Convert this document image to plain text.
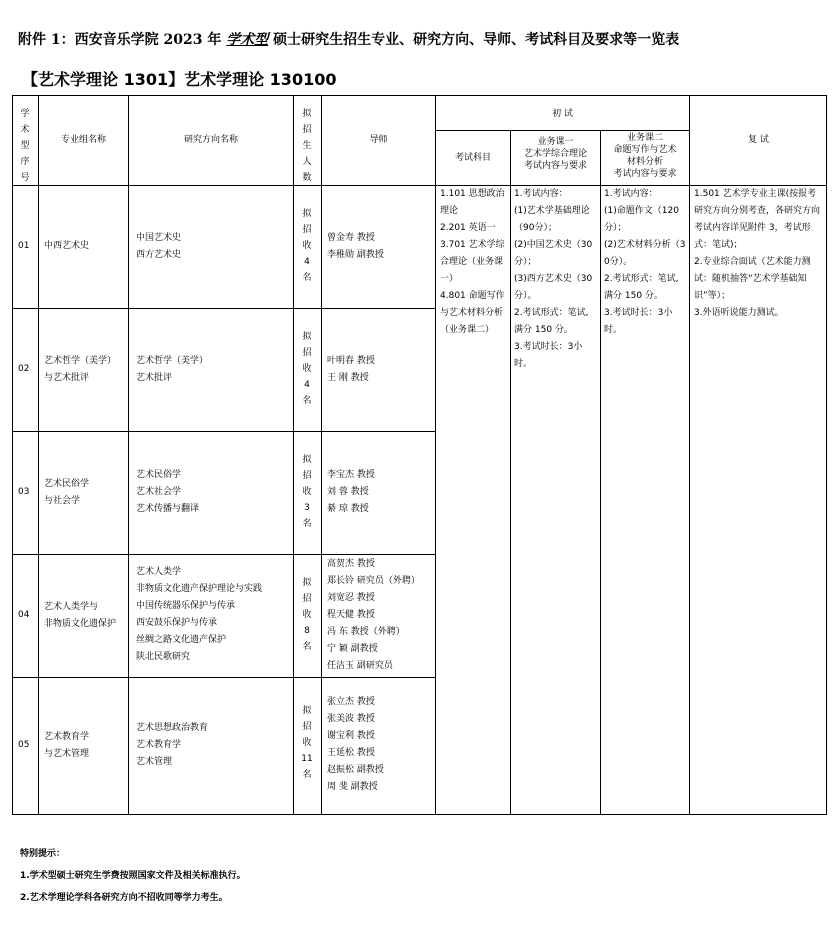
附件 1：西安音乐学院 2023 年 学术型 硕士研究生招生专业、研究方向、导师、考试科目及要求等一览表
【艺术学理论 1301】艺术学理论 130100
学术型序号
专业组名称	研究方向名称
拟招生人数
导师
初 试
考试科目
业务课一
艺术学综合理论
考试内容与要求
业务课二
命题写作与艺术
材料分析
考试内容与要求
复 试
01 中西艺术史
中国艺术史
西方艺术史
拟招收4名
曾金寿 教授
李稚勋 副教授
02
艺术哲学（美学）
与艺术批评
艺术哲学（美学）
艺术批评
拟招收4名
叶明春 教授
王 刚 教授
03
艺术民俗学
与社会学
艺术民俗学
艺术社会学
艺术传播与翻译
拟招收3名
李宝杰 教授
刘 蓉 教授
綦 琼 教授
04
艺术人类学与
非物质文化遗保护
艺术人类学
非物质文化遗产保护理论与实践
中国传统器乐保护与传承
西安鼓乐保护与传承
丝绸之路文化遗产保护
陕北民歌研究
拟招收8名
高贺杰 教授
郑长铃 研究员（外聘）
刘宽忍 教授
程天健 教授
冯 东 教授（外聘）
宁 颖 副教授
任洁玉 副研究员
05
艺术教育学
与艺术管理
艺术思想政治教育
艺术教育学
艺术管理
拟招收11名
张立杰 教授
张美波 教授
谢宝利 教授
王延松 教授
赵振松 副教授
周 斐 副教授
1.101 思想政治理论
2.201 英语一
3.701 艺术学综合理论（业务课一）
4.801 命题写作与艺术材料分析（业务课二）
1.考试内容：
(1)艺术学基础理论（90分）；
(2)中国艺术史（30分）；
(3)西方艺术史（30分）。
2.考试形式：笔试,满分 150 分。
3.考试时长：3小时。
1.考试内容：
(1)命题作文（120分）；
(2)艺术材料分析（30分）。
2.考试形式：笔试,满分 150 分。
3.考试时长：3小时。
1.501 艺术学专业主课(按报考研究方向分别考查，各研究方向考试内容详见附件 3，考试形式：笔试)；
2.专业综合面试（艺术能力测试：随机抽答“艺术学基础知识”等）；
3.外语听说能力测试。
特别提示：
1.学术型硕士研究生学费按照国家文件及相关标准执行。
2.艺术学理论学科各研究方向不招收同等学力考生。
